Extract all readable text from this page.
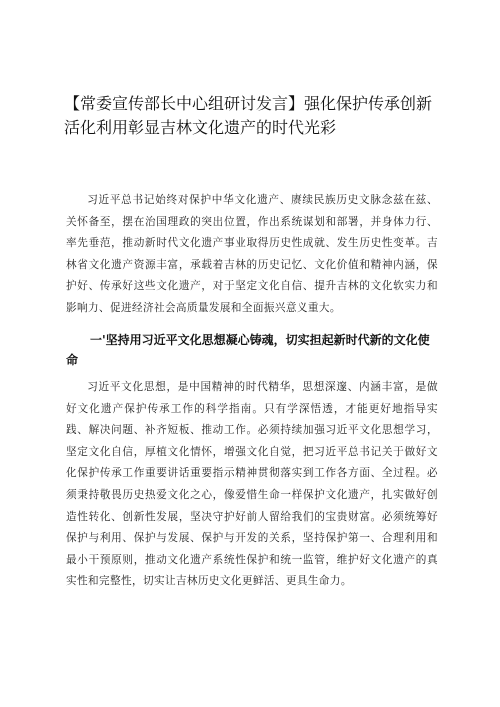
【常委宣传部长中心组研讨发言】强化保护传承创新活化利用彰显吉林文化遗产的时代光彩

习近平总书记始终对保护中华文化遗产、赓续民族历史文脉念兹在兹、关怀备至，摆在治国理政的突出位置，作出系统谋划和部署，并身体力行、率先垂范，推动新时代文化遗产事业取得历史性成就、发生历史性变革。吉林省文化遗产资源丰富，承载着吉林的历史记忆、文化价值和精神内涵，保护好、传承好这些文化遗产，对于坚定文化自信、提升吉林的文化软实力和影响力、促进经济社会高质量发展和全面振兴意义重大。

一'坚持用习近平文化思想凝心铸魂，切实担起新时代新的文化使命

习近平文化思想，是中国精神的时代精华，思想深邃、内涵丰富，是做好文化遗产保护传承工作的科学指南。只有学深悟透，才能更好地指导实践、解决问题、补齐短板、推动工作。必须持续加强习近平文化思想学习，坚定文化自信，厚植文化情怀，增强文化自觉，把习近平总书记关于做好文化保护传承工作重要讲话重要指示精神贯彻落实到工作各方面、全过程。必须秉持敬畏历史热爱文化之心，像爱惜生命一样保护文化遗产，扎实做好创造性转化、创新性发展，坚决守护好前人留给我们的宝贵财富。必须统筹好保护与利用、保护与发展、保护与开发的关系，坚持保护第一、合理利用和最小干预原则，推动文化遗产系统性保护和统一监管，维护好文化遗产的真实性和完整性，切实让吉林历史文化更鲜活、更具生命力。
